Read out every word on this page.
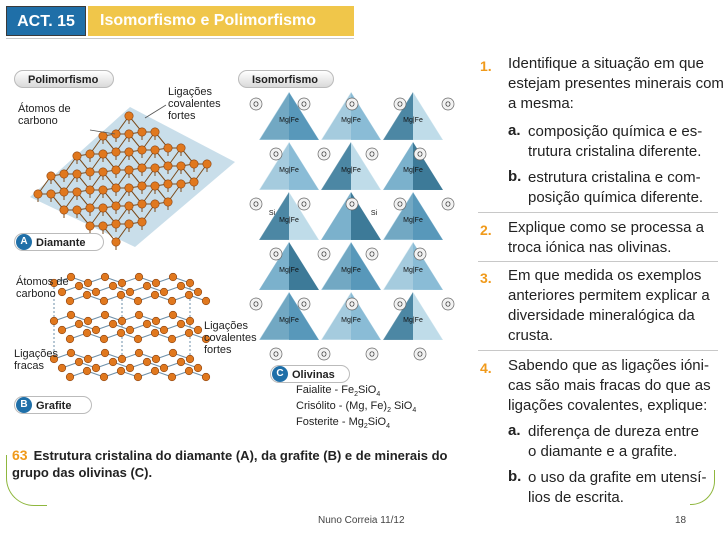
ACT. 15	Isomorfismo e Polimorfismo
Polimorfismo
Átomos de carbono
Ligações covalentes fortes
A Diamante
Átomos de carbono
Ligações covalentes fortes
Ligações fracas
B Grafite
Isomorfismo
Mg|Fe	Mg|Fe	Mg|Fe
Mg|Fe	Mg|Fe	Mg|Fe
Mg|Fe	Mg|Fe
Mg|Fe	Mg|Fe	Mg|Fe
Mg|Fe	Mg|Fe	Mg|Fe
Si	Si
O	O	O	O	O
O	O	O	O
O	O	O	O	O
O	O	O	O
O	O	O	O	O
O	O	O	O
C Olivinas
Faialite - $Fe_2SiO_4$
Crisólito - (Mg, $Fe)_2$ SiO$_4$
Fosterite - $Mg_2SiO_4$
63 Estrutura cristalina do diamante (A), da grafite (B) e de minerais do grupo das olivinas (C).
1. Identifique a situação em que
estejam presentes minerais com
a mesma:
a. composição química e es-
trutura cristalina diferente.
b. estrutura cristalina e com-
posição química diferente.
2. Explique como se processa a
troca iónica nas olivinas.
3. Em que medida os exemplos
anteriores permitem explicar a
diversidade mineralógica da
crusta.
4. Sabendo que as ligações ióni-
cas são mais fracas do que as
ligações covalentes, explique:
a. diferença de dureza entre
o diamante e a grafite.
b. o uso da grafite em utensí-
lios de escrita.
Nuno Correia 11/12	18
